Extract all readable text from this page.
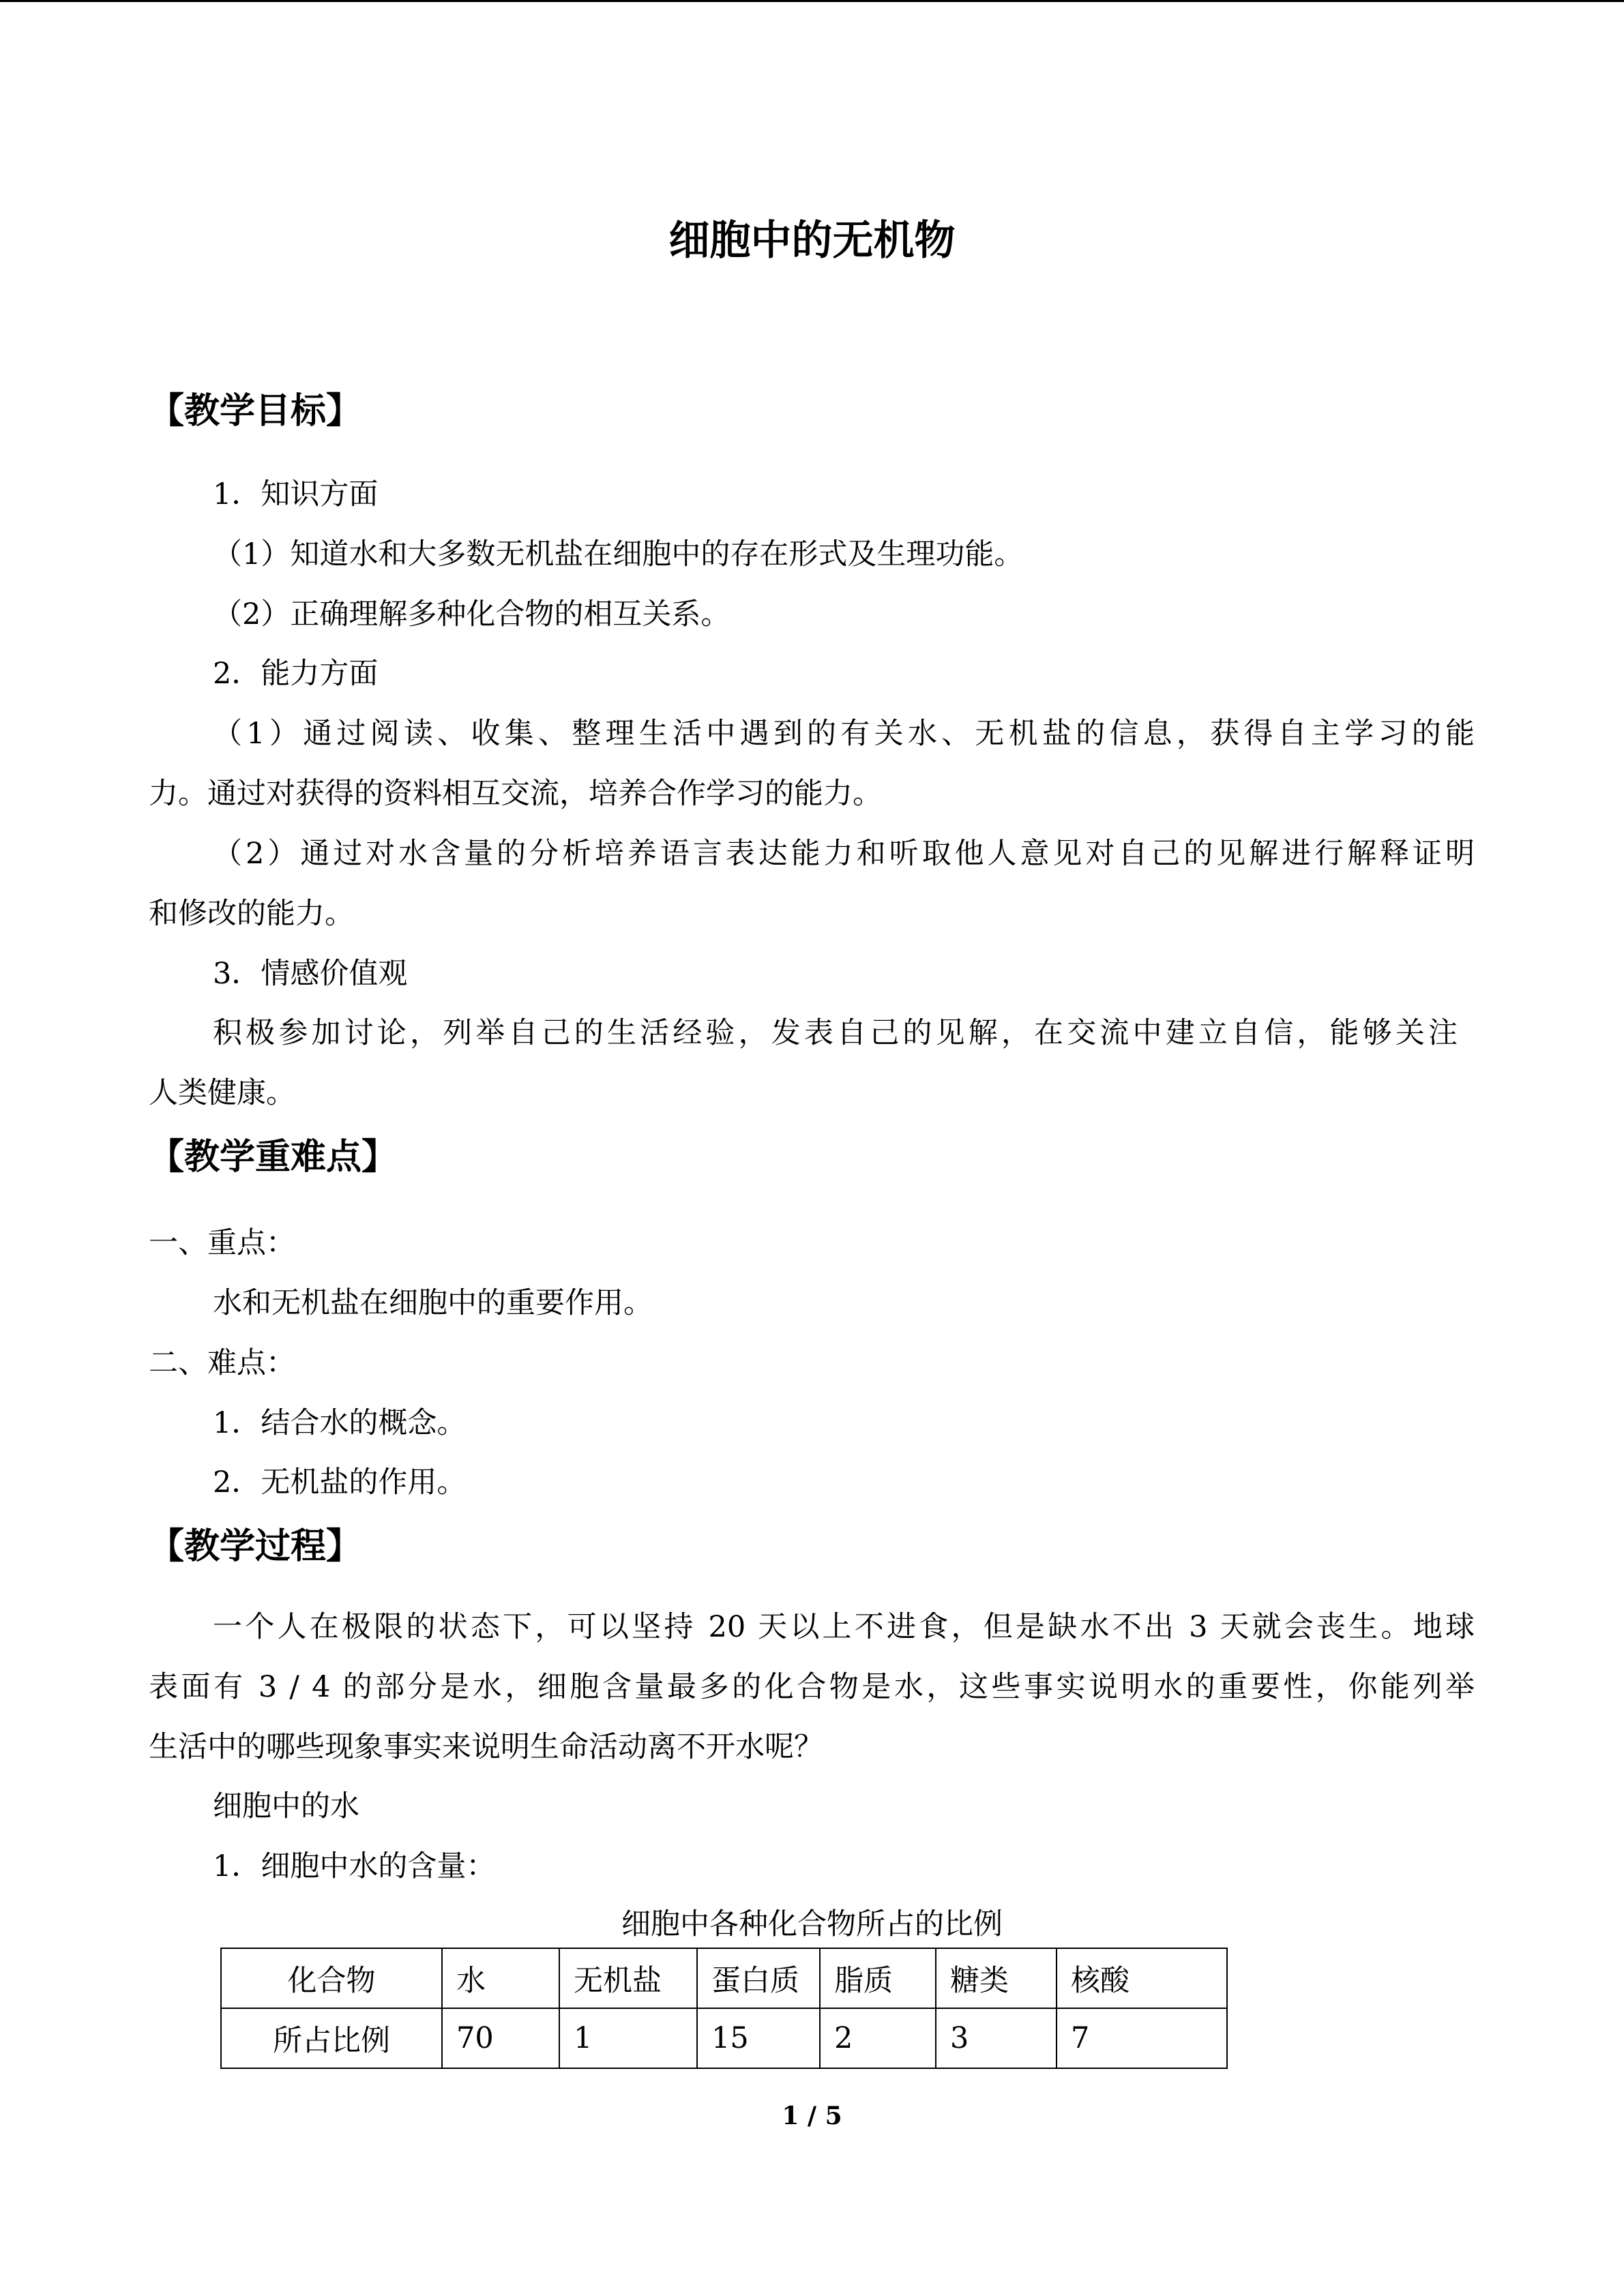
细胞中的无机物
【教学目标】
1．知识方面
（1）知道水和大多数无机盐在细胞中的存在形式及生理功能。
（2）正确理解多种化合物的相互关系。
2．能力方面
（1）通过阅读、收集、整理生活中遇到的有关水、无机盐的信息，获得自主学习的能
力。通过对获得的资料相互交流，培养合作学习的能力。
（2）通过对水含量的分析培养语言表达能力和听取他人意见对自己的见解进行解释证明
和修改的能力。
3．情感价值观
积极参加讨论，列举自己的生活经验，发表自己的见解，在交流中建立自信，能够关注
人类健康。
【教学重难点】
一、重点：
水和无机盐在细胞中的重要作用。
二、难点：
1．结合水的概念。
2．无机盐的作用。
【教学过程】
一个人在极限的状态下，可以坚持 20 天以上不进食，但是缺水不出 3 天就会丧生。地球
表面有 3 / 4 的部分是水，细胞含量最多的化合物是水，这些事实说明水的重要性，你能列举
生活中的哪些现象事实来说明生命活动离不开水呢？
细胞中的水
1．细胞中水的含量：
细胞中各种化合物所占的比例
化合物	水	无机盐	蛋白质	脂质	糖类	核酸
所占比例	70	1	15	2	3	7
1 / 5
